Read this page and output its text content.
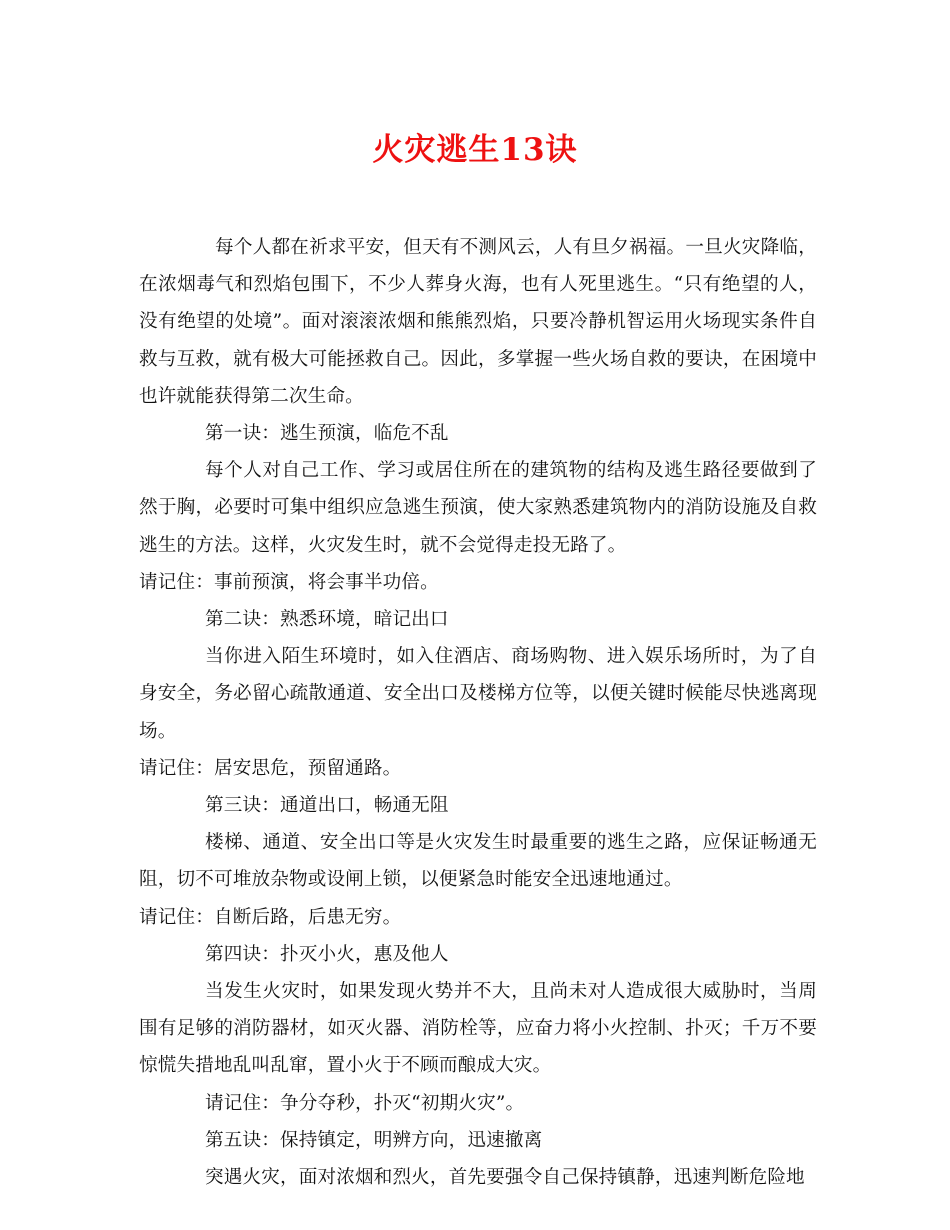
火灾逃生13诀

每个人都在祈求平安，但天有不测风云，人有旦夕祸福。一旦火灾降临，在浓烟毒气和烈焰包围下，不少人葬身火海，也有人死里逃生。“只有绝望的人，没有绝望的处境”。面对滚滚浓烟和熊熊烈焰，只要冷静机智运用火场现实条件自救与互救，就有极大可能拯救自己。因此，多掌握一些火场自救的要诀，在困境中也许就能获得第二次生命。

第一诀：逃生预演，临危不乱

每个人对自己工作、学习或居住所在的建筑物的结构及逃生路径要做到了然于胸，必要时可集中组织应急逃生预演，使大家熟悉建筑物内的消防设施及自救逃生的方法。这样，火灾发生时，就不会觉得走投无路了。

请记住：事前预演，将会事半功倍。

第二诀：熟悉环境，暗记出口

当你进入陌生环境时，如入住酒店、商场购物、进入娱乐场所时，为了自身安全，务必留心疏散通道、安全出口及楼梯方位等，以便关键时候能尽快逃离现场。

请记住：居安思危，预留通路。

第三诀：通道出口，畅通无阻

楼梯、通道、安全出口等是火灾发生时最重要的逃生之路，应保证畅通无阻，切不可堆放杂物或设闸上锁，以便紧急时能安全迅速地通过。

请记住：自断后路，后患无穷。

第四诀：扑灭小火，惠及他人

当发生火灾时，如果发现火势并不大，且尚未对人造成很大威胁时，当周围有足够的消防器材，如灭火器、消防栓等，应奋力将小火控制、扑灭；千万不要惊慌失措地乱叫乱窜，置小火于不顾而酿成大灾。

请记住：争分夺秒，扑灭“初期火灾”。

第五诀：保持镇定，明辨方向，迅速撤离

突遇火灾，面对浓烟和烈火，首先要强令自己保持镇静，迅速判断危险地
